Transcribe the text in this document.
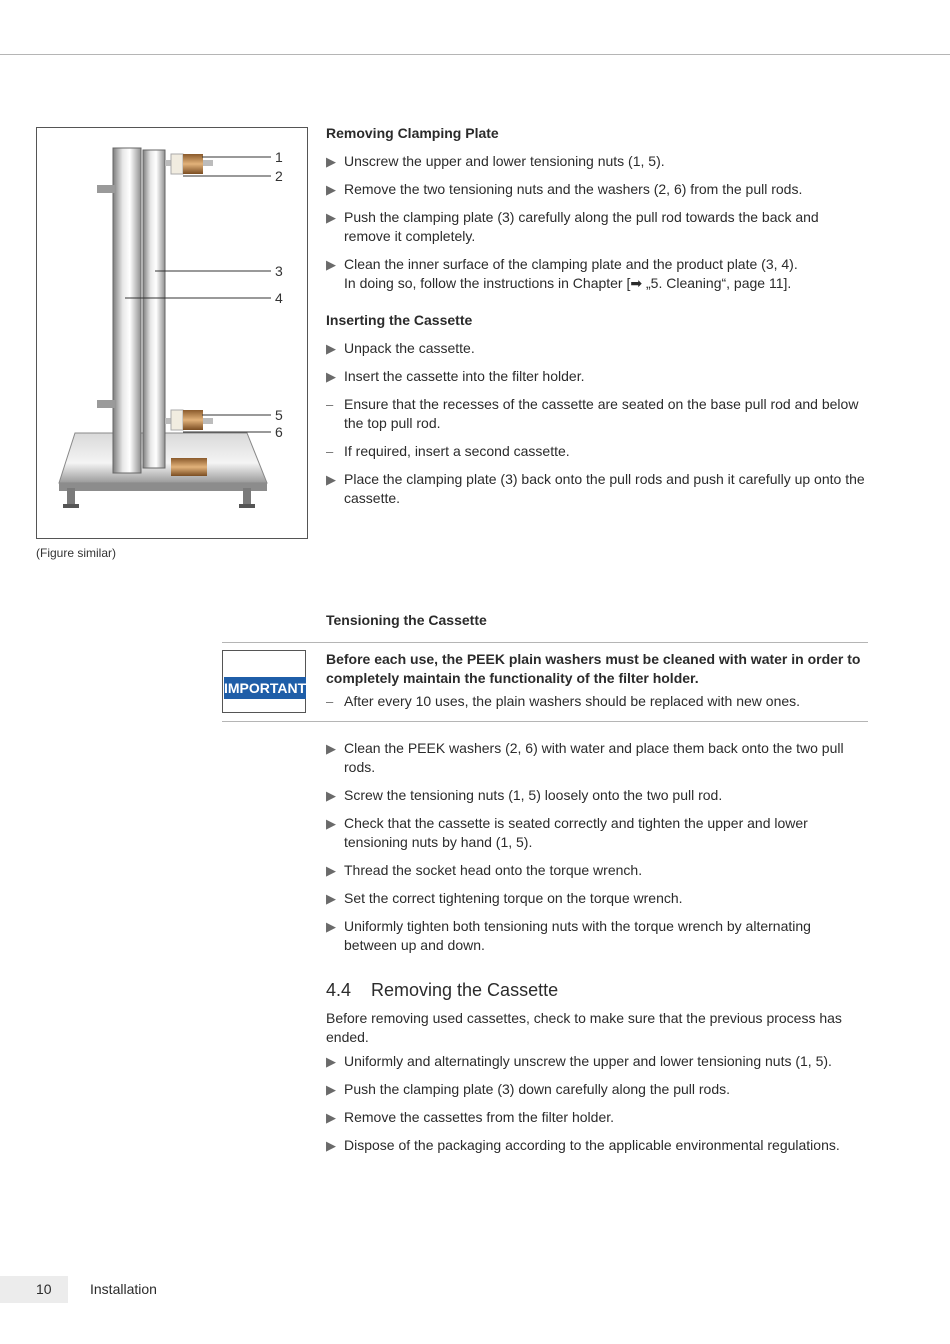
1
2
3
4
5
6
(Figure similar)
Removing Clamping Plate
▶ Unscrew the upper and lower tensioning nuts (1, 5).
▶ Remove the two tensioning nuts and the washers (2, 6) from the pull rods.
▶ Push the clamping plate (3) carefully along the pull rod towards the back and remove it completely.
▶ Clean the inner surface of the clamping plate and the product plate (3, 4).
In doing so, follow the instructions in Chapter [➡ „5. Cleaning“, page 11].
Inserting the Cassette
▶ Unpack the cassette.
▶ Insert the cassette into the filter holder.
– Ensure that the recesses of the cassette are seated on the base pull rod and below the top pull rod.
– If required, insert a second cassette.
▶ Place the clamping plate (3) back onto the pull rods and push it carefully up onto the cassette.
Tensioning the Cassette
IMPORTANT!
Before each use, the PEEK plain washers must be cleaned with water in order to completely maintain the functionality of the filter holder.
– After every 10 uses, the plain washers should be replaced with new ones.
▶ Clean the PEEK washers (2, 6) with water and place them back onto the two pull rods.
▶ Screw the tensioning nuts (1, 5) loosely onto the two pull rod.
▶ Check that the cassette is seated correctly and tighten the upper and lower tensioning nuts by hand (1, 5).
▶ Thread the socket head onto the torque wrench.
▶ Set the correct tightening torque on the torque wrench.
▶ Uniformly tighten both tensioning nuts with the torque wrench by alternating between up and down.
4.4 Removing the Cassette
Before removing used cassettes, check to make sure that the previous process has ended.
▶ Uniformly and alternatingly unscrew the upper and lower tensioning nuts (1, 5).
▶ Push the clamping plate (3) down carefully along the pull rods.
▶ Remove the cassettes from the filter holder.
▶ Dispose of the packaging according to the applicable environmental regulations.
10	Installation
